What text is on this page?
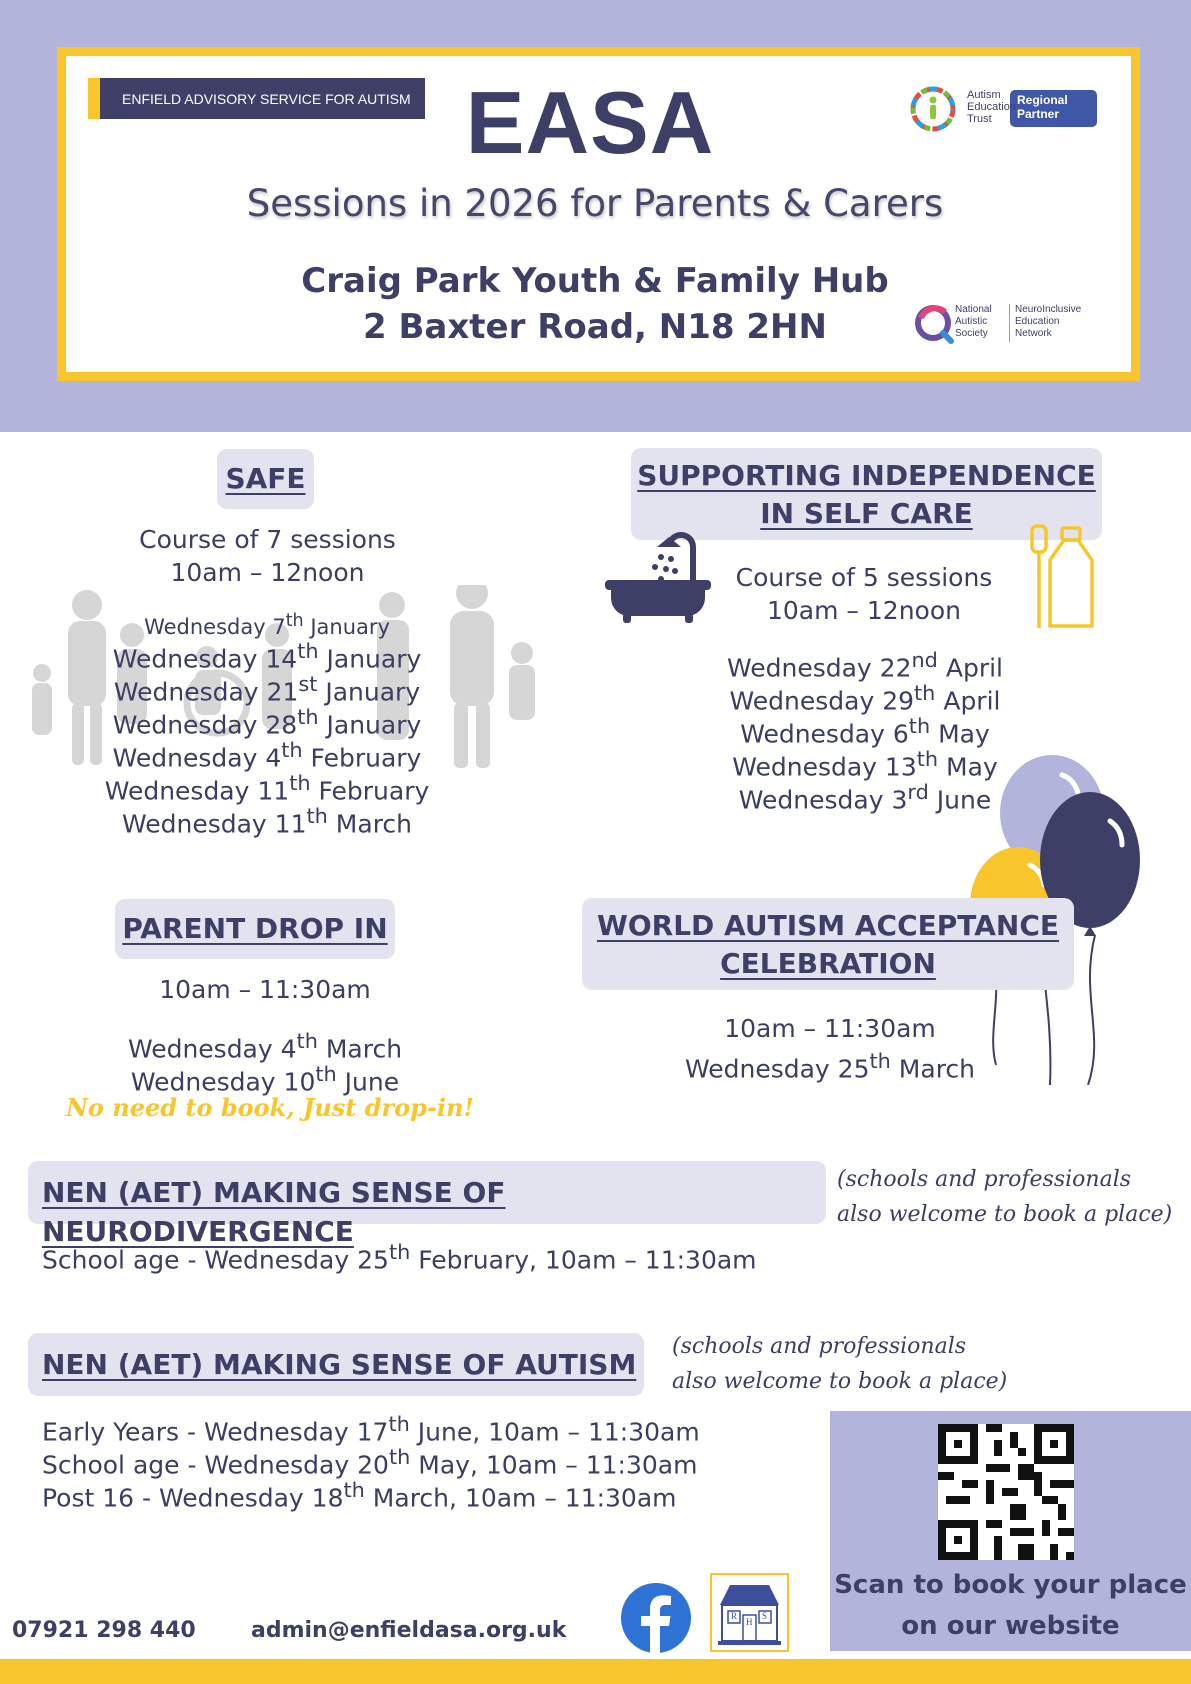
ENFIELD ADVISORY SERVICE FOR AUTISM EASA	Autism
Education
Trust
Regional
Partner
Sessions in 2026 for Parents & Carers
Craig Park Youth & Family Hub
2 Baxter Road, N18 2HN	National
Autistic
Society
NeuroInclusive
Education
Network
SAFE
Course of 7 sessions
10am – 12noon
Wednesday 7th January
Wednesday 14th January
Wednesday 21st January
Wednesday 28th January
Wednesday 4th February
Wednesday 11th February
Wednesday 11th March
SUPPORTING INDEPENDENCE
IN SELF CARE
Course of 5 sessions
10am – 12noon
Wednesday 22nd April
Wednesday 29th April
Wednesday 6th May
Wednesday 13th May
Wednesday 3rd June
PARENT DROP IN
10am – 11:30am
Wednesday 4th March
Wednesday 10th June
No need to book, Just drop-in!
WORLD AUTISM ACCEPTANCE
CELEBRATION
10am – 11:30am
Wednesday 25th March
NEN (AET) MAKING SENSE OF NEURODIVERGENCE
(schools and professionals
also welcome to book a place)
School age - Wednesday 25th February, 10am – 11:30am
NEN (AET) MAKING SENSE OF AUTISM
(schools and professionals
also welcome to book a place)
Early Years - Wednesday 17th June, 10am – 11:30am
School age - Wednesday 20th May, 10am – 11:30am
Post 16 - Wednesday 18th March, 10am – 11:30am
Scan to book your place
on our website
07921 298 440	admin@enfieldasa.org.uk
R
H
S
